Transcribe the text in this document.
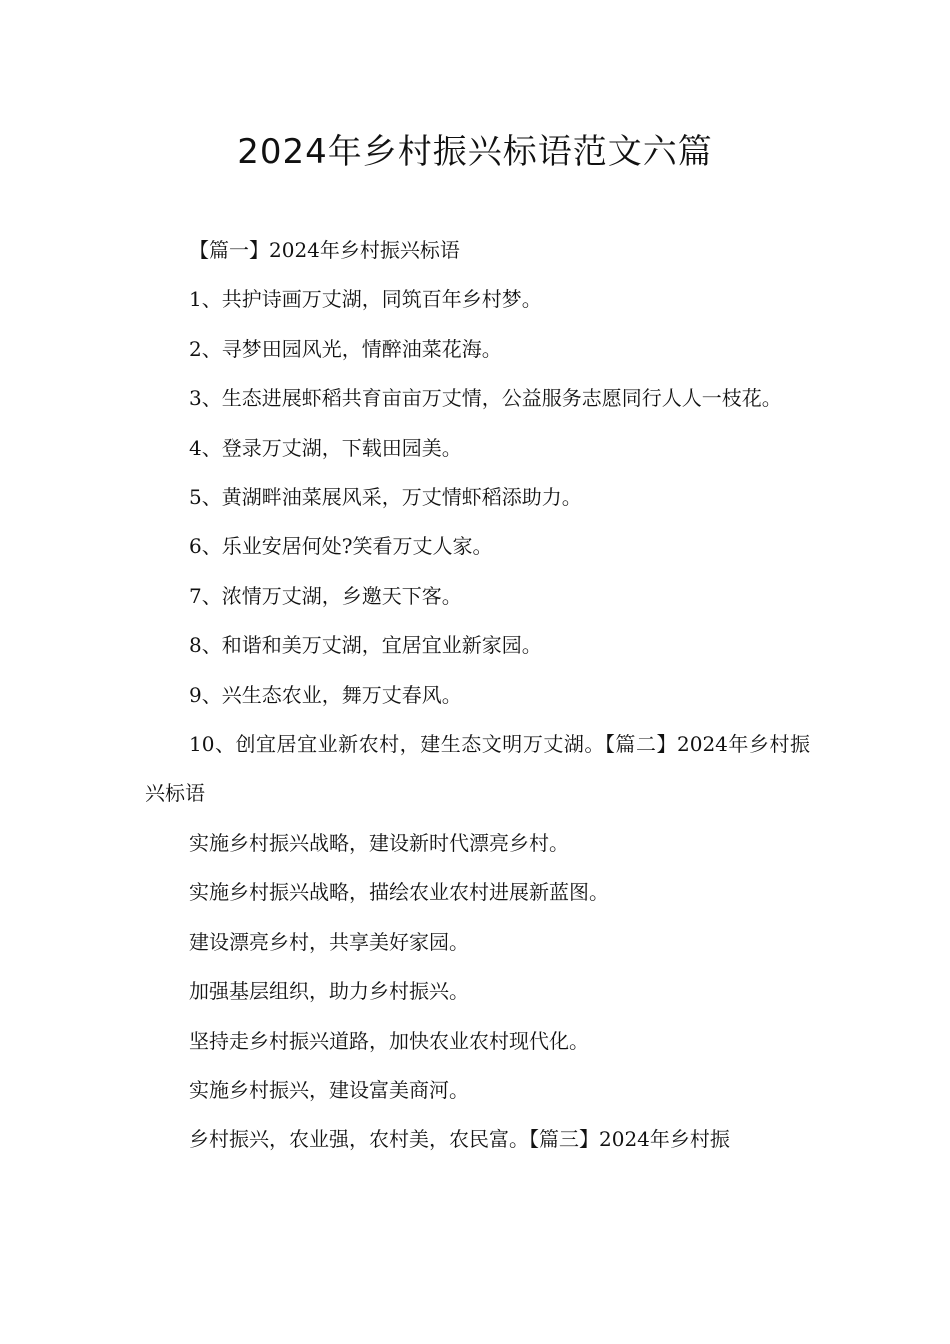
2024年乡村振兴标语范文六篇

【篇一】2024年乡村振兴标语

1、共护诗画万丈湖，同筑百年乡村梦。

2、寻梦田园风光，情醉油菜花海。

3、生态进展虾稻共育亩亩万丈情，公益服务志愿同行人人一枝花。

4、登录万丈湖，下载田园美。

5、黄湖畔油菜展风采，万丈情虾稻添助力。

6、乐业安居何处?笑看万丈人家。

7、浓情万丈湖，乡邀天下客。

8、和谐和美万丈湖，宜居宜业新家园。

9、兴生态农业，舞万丈春风。

10、创宜居宜业新农村，建生态文明万丈湖。【篇二】2024年乡村振兴标语

实施乡村振兴战略，建设新时代漂亮乡村。

实施乡村振兴战略，描绘农业农村进展新蓝图。

建设漂亮乡村，共享美好家园。

加强基层组织，助力乡村振兴。

坚持走乡村振兴道路，加快农业农村现代化。

实施乡村振兴，建设富美商河。

乡村振兴，农业强，农村美，农民富。【篇三】2024年乡村振
